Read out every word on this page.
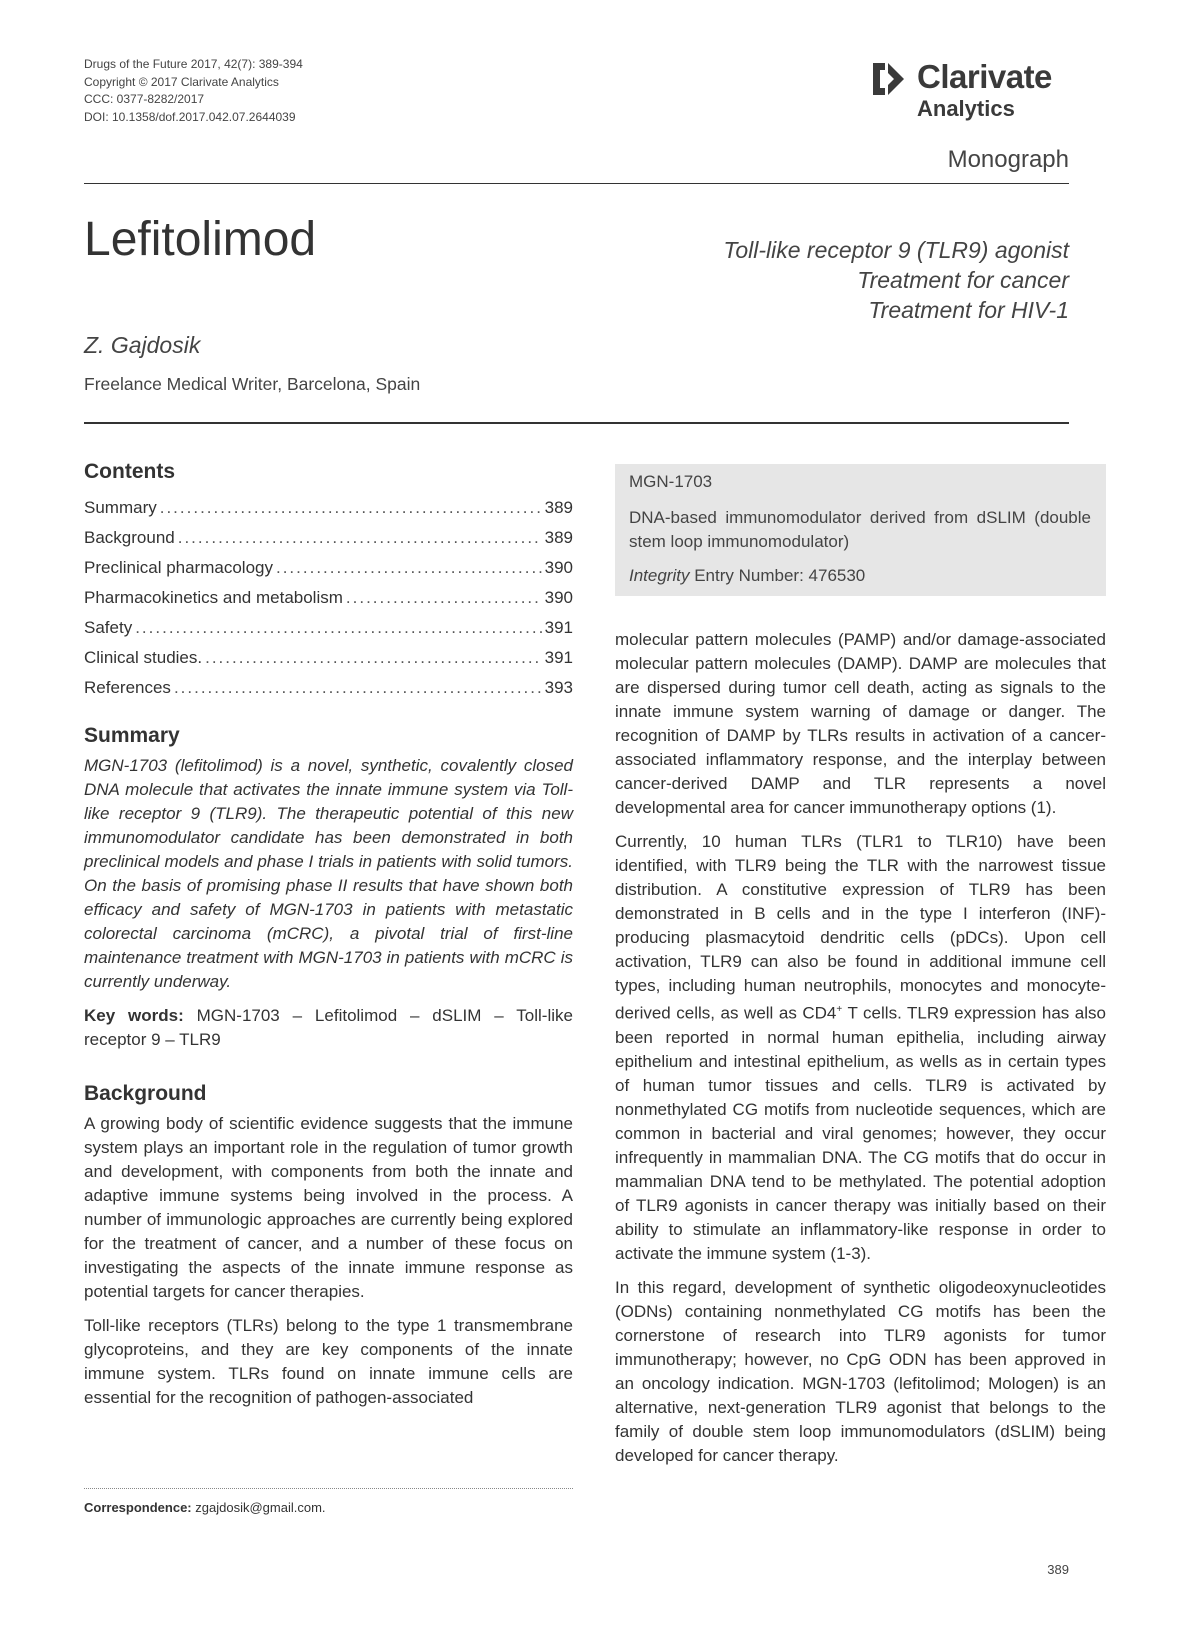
Drugs of the Future 2017, 42(7): 389-394
Copyright © 2017 Clarivate Analytics
CCC: 0377-8282/2017
DOI: 10.1358/dof.2017.042.07.2644039
Clarivate
Analytics
Monograph
Lefitolimod	Toll-like receptor 9 (TLR9) agonist
Treatment for cancer
Treatment for HIV-1
Z. Gajdosik
Freelance Medical Writer, Barcelona, Spain
Contents
Summary .....	389
Background .....	389
Preclinical pharmacology .....	390
Pharmacokinetics and metabolism .....	390
Safety .....	391
Clinical studies. .....	391
References .....	393
Summary

MGN-1703 (lefitolimod) is a novel, synthetic, covalently closed DNA molecule that activates the innate immune system via Toll-like receptor 9 (TLR9). The therapeutic potential of this new immunomodulator candidate has been demonstrated in both preclinical models and phase I trials in patients with solid tumors. On the basis of promising phase II results that have shown both efficacy and safety of MGN-1703 in patients with metastatic colorectal carcinoma (mCRC), a pivotal trial of first-line maintenance treatment with MGN-1703 in patients with mCRC is currently underway.

Key words: MGN-1703 – Lefitolimod – dSLIM – Toll-like receptor 9 – TLR9

Background

A growing body of scientific evidence suggests that the immune system plays an important role in the regulation of tumor growth and development, with components from both the innate and adaptive immune systems being involved in the process. A number of immunologic approaches are currently being explored for the treatment of cancer, and a number of these focus on investigating the aspects of the innate immune response as potential targets for cancer therapies.

Toll-like receptors (TLRs) belong to the type 1 transmembrane glycoproteins, and they are key components of the innate immune system. TLRs found on innate immune cells are essential for the recognition of pathogen-associated

MGN-1703
DNA-based immunomodulator derived from dSLIM (double stem loop immunomodulator)
Integrity Entry Number: 476530

molecular pattern molecules (PAMP) and/or damage-associated molecular pattern molecules (DAMP). DAMP are molecules that are dispersed during tumor cell death, acting as signals to the innate immune system warning of damage or danger. The recognition of DAMP by TLRs results in activation of a cancer-associated inflammatory response, and the interplay between cancer-derived DAMP and TLR represents a novel developmental area for cancer immunotherapy options (1).

Currently, 10 human TLRs (TLR1 to TLR10) have been identified, with TLR9 being the TLR with the narrowest tissue distribution. A constitutive expression of TLR9 has been demonstrated in B cells and in the type I interferon (INF)-producing plasmacytoid dendritic cells (pDCs). Upon cell activation, TLR9 can also be found in additional immune cell types, including human neutrophils, monocytes and monocyte-derived cells, as well as CD4+ T cells. TLR9 expression has also been reported in normal human epithelia, including airway epithelium and intestinal epithelium, as wells as in certain types of human tumor tissues and cells. TLR9 is activated by nonmethylated CG motifs from nucleotide sequences, which are common in bacterial and viral genomes; however, they occur infrequently in mammalian DNA. The CG motifs that do occur in mammalian DNA tend to be methylated. The potential adoption of TLR9 agonists in cancer therapy was initially based on their ability to stimulate an inflammatory-like response in order to activate the immune system (1-3).

In this regard, development of synthetic oligodeoxynucleotides (ODNs) containing nonmethylated CG motifs has been the cornerstone of research into TLR9 agonists for tumor immunotherapy; however, no CpG ODN has been approved in an oncology indication. MGN-1703 (lefitolimod; Mologen) is an alternative, next-generation TLR9 agonist that belongs to the family of double stem loop immunomodulators (dSLIM) being developed for cancer therapy.

Correspondence: zgajdosik@gmail.com.
389
